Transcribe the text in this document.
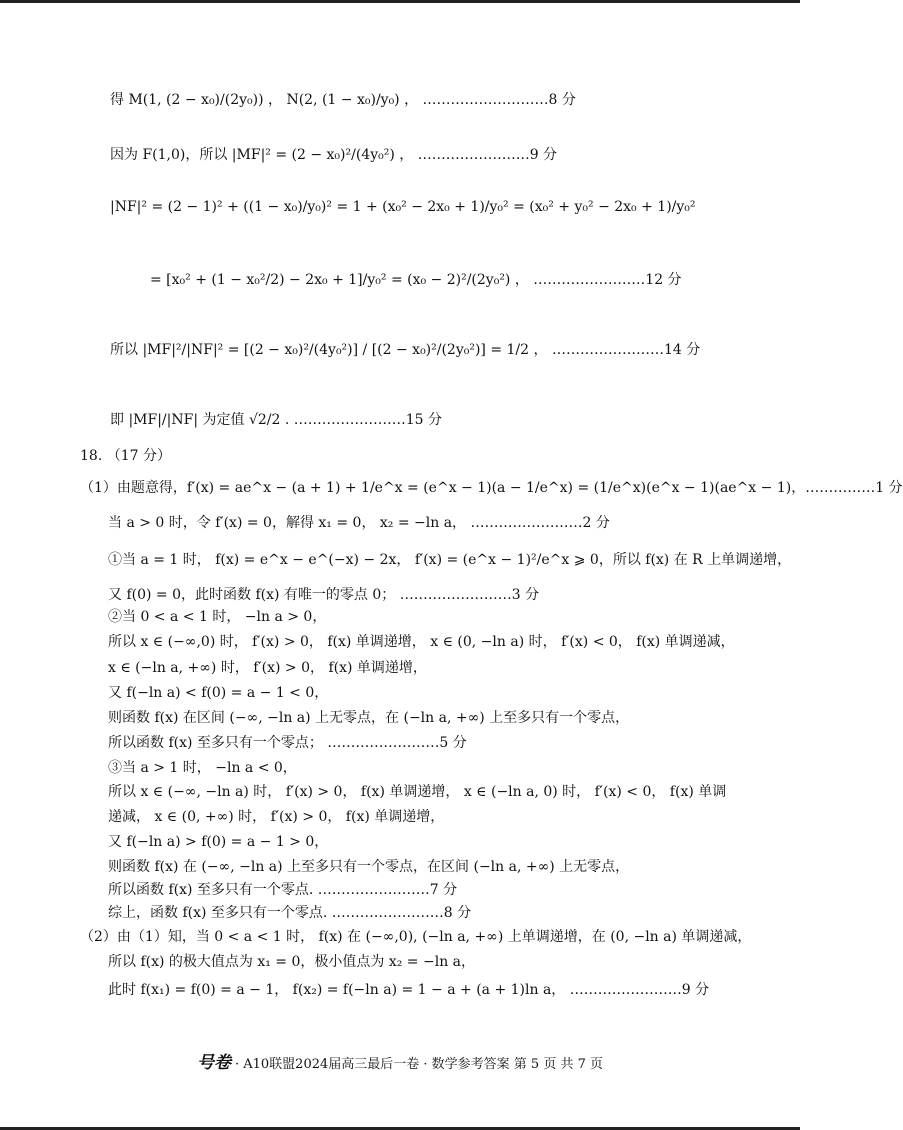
得 M(1, (2 − x₀)/(2y₀)) ， N(2, (1 − x₀)/y₀) ， ………………………8 分
因为 F(1,0)，所以 |MF|² = (2 − x₀)²/(4y₀²) ， ……………………9 分
|NF|² = (2 − 1)² + ((1 − x₀)/y₀)² = 1 + (x₀² − 2x₀ + 1)/y₀² = (x₀² + y₀² − 2x₀ + 1)/y₀²
= [x₀² + (1 − x₀²/2) − 2x₀ + 1]/y₀² = (x₀ − 2)²/(2y₀²) ， ……………………12 分
所以 |MF|²/|NF|² = [(2 − x₀)²/(4y₀²)] / [(2 − x₀)²/(2y₀²)] = 1/2 ， ……………………14 分
即 |MF|/|NF| 为定值 √2/2 . ……………………15 分
18. （17 分）
（1）由题意得，f′(x) = ae^x − (a + 1) + 1/e^x = (e^x − 1)(a − 1/e^x) = (1/e^x)(e^x − 1)(ae^x − 1)，……………1 分
当 a > 0 时，令 f′(x) = 0，解得 x₁ = 0， x₂ = −ln a， ……………………2 分
①当 a = 1 时， f(x) = e^x − e^(−x) − 2x， f′(x) = (e^x − 1)²/e^x ⩾ 0，所以 f(x) 在 R 上单调递增，
又 f(0) = 0，此时函数 f(x) 有唯一的零点 0； ……………………3 分
②当 0 < a < 1 时， −ln a > 0，
所以 x ∈ (−∞,0) 时， f′(x) > 0， f(x) 单调递增， x ∈ (0, −ln a) 时， f′(x) < 0， f(x) 单调递减，
x ∈ (−ln a, +∞) 时， f′(x) > 0， f(x) 单调递增，
又 f(−ln a) < f(0) = a − 1 < 0，
则函数 f(x) 在区间 (−∞, −ln a) 上无零点，在 (−ln a, +∞) 上至多只有一个零点，
所以函数 f(x) 至多只有一个零点； ……………………5 分
③当 a > 1 时， −ln a < 0，
所以 x ∈ (−∞, −ln a) 时， f′(x) > 0， f(x) 单调递增， x ∈ (−ln a, 0) 时， f′(x) < 0， f(x) 单调
递减， x ∈ (0, +∞) 时， f′(x) > 0， f(x) 单调递增，
又 f(−ln a) > f(0) = a − 1 > 0，
则函数 f(x) 在 (−∞, −ln a) 上至多只有一个零点，在区间 (−ln a, +∞) 上无零点，
所以函数 f(x) 至多只有一个零点. ……………………7 分
综上，函数 f(x) 至多只有一个零点. ……………………8 分
（2）由（1）知，当 0 < a < 1 时， f(x) 在 (−∞,0), (−ln a, +∞) 上单调递增，在 (0, −ln a) 单调递减，
所以 f(x) 的极大值点为 x₁ = 0，极小值点为 x₂ = −ln a，
此时 f(x₁) = f(0) = a − 1， f(x₂) = f(−ln a) = 1 − a + (a + 1)ln a， ……………………9 分
号卷 · A10联盟2024届高三最后一卷 · 数学参考答案 第 5 页 共 7 页
